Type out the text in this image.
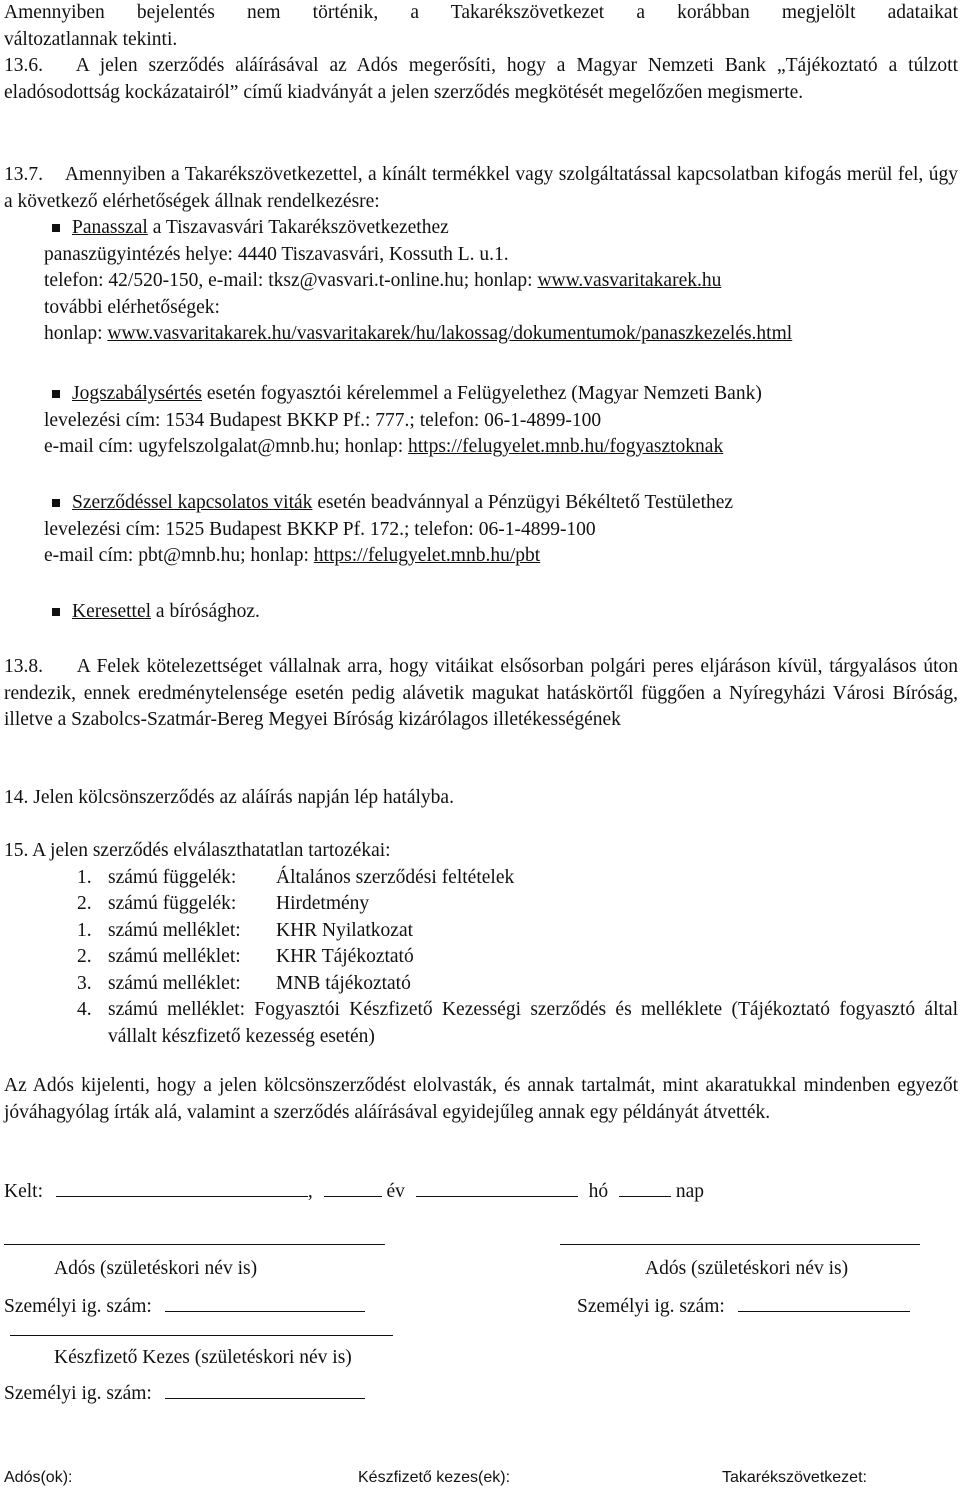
Amennyiben bejelentés nem történik, a Takarékszövetkezet a korábban megjelölt adataikat

változatlannak tekinti.

13.6. A jelen szerződés aláírásával az Adós megerősíti, hogy a Magyar Nemzeti Bank „Tájékoztató a túlzott eladósodottság kockázatairól” című kiadványát a jelen szerződés megkötését megelőzően megismerte.

13.7. Amennyiben a Takarékszövetkezettel, a kínált termékkel vagy szolgáltatással kapcsolatban kifogás merül fel, úgy a következő elérhetőségek állnak rendelkezésre:

Panasszal a Tiszavasvári Takarékszövetkezethez
panaszügyintézés helye: 4440 Tiszavasvári, Kossuth L. u.1.
telefon: 42/520-150, e-mail: tksz@vasvari.t-online.hu; honlap: www.vasvaritakarek.hu
további elérhetőségek:
honlap: www.vasvaritakarek.hu/vasvaritakarek/hu/lakossag/dokumentumok/panaszkezelés.html
Jogszabálysértés esetén fogyasztói kérelemmel a Felügyelethez (Magyar Nemzeti Bank)
levelezési cím: 1534 Budapest BKKP Pf.: 777.; telefon: 06-1-4899-100
e-mail cím: ugyfelszolgalat@mnb.hu; honlap: https://felugyelet.mnb.hu/fogyasztoknak
Szerződéssel kapcsolatos viták esetén beadvánnyal a Pénzügyi Békéltető Testülethez
levelezési cím: 1525 Budapest BKKP Pf. 172.; telefon: 06-1-4899-100
e-mail cím: pbt@mnb.hu; honlap: https://felugyelet.mnb.hu/pbt
Keresettel a bírósághoz.

13.8. A Felek kötelezettséget vállalnak arra, hogy vitáikat elsősorban polgári peres eljáráson kívül, tárgyalásos úton rendezik, ennek eredménytelensége esetén pedig alávetik magukat hatáskörtől függően a Nyíregyházi Városi Bíróság, illetve a Szabolcs-Szatmár-Bereg Megyei Bíróság kizárólagos illetékességének

14. Jelen kölcsönszerződés az aláírás napján lép hatályba.
15. A jelen szerződés elválaszthatatlan tartozékai:
1. számú függelék: Általános szerződési feltételek
2. számú függelék: Hirdetmény
1. számú melléklet: KHR Nyilatkozat
2. számú melléklet: KHR Tájékoztató
3. számú melléklet: MNB tájékoztató
4. számú melléklet: Fogyasztói Készfizető Kezességi szerződés és melléklete (Tájékoztató fogyasztó által vállalt készfizető kezesség esetén)

Az Adós kijelenti, hogy a jelen kölcsönszerződést elolvasták, és annak tartalmát, mint akaratukkal mindenben egyezőt jóváhagyólag írták alá, valamint a szerződés aláírásával egyidejűleg annak egy példányát átvették.

Kelt:	,	év	hó	nap
Adós (születéskori név is)	Adós (születéskori név is)
Személyi ig. szám:	Személyi ig. szám:
Készfizető Kezes (születéskori név is)
Személyi ig. szám:
Adós(ok):	Készfizető kezes(ek):	Takarékszövetkezet:
